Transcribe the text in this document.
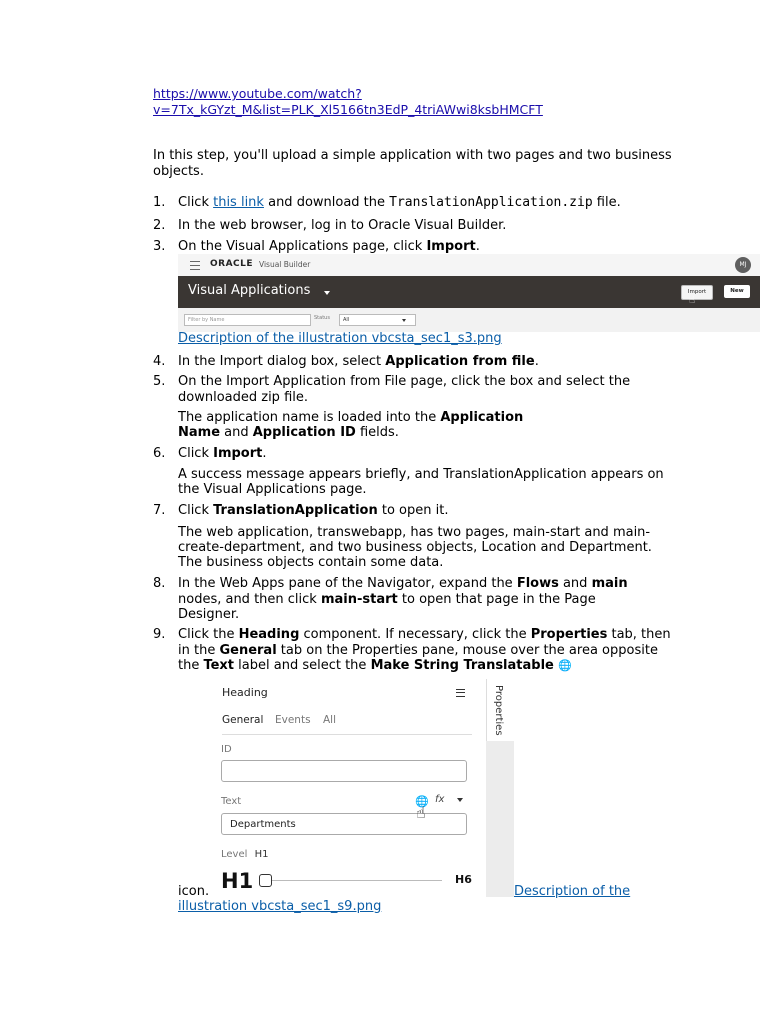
https://www.youtube.com/watch?
v=7Tx_kGYzt_M&list=PLK_Xl5166tn3EdP_4triAWwi8ksbHMCFT
In this step, you'll upload a simple application with two pages and two business objects.
1. Click this link and download the TranslationApplication.zip file.
2. In the web browser, log in to Oracle Visual Builder.
3. On the Visual Applications page, click Import.
ORACLE Visual Builder	MJ
Visual Applications	Import	New
☝
Filter by Name	Status	All
Description of the illustration vbcsta_sec1_s3.png
4. In the Import dialog box, select Application from file.
5. On the Import Application from File page, click the box and select the downloaded zip file.
The application name is loaded into the Application Name and Application ID fields.
6. Click Import.
A success message appears briefly, and TranslationApplication appears on the Visual Applications page.
7. Click TranslationApplication to open it.
The web application, transwebapp, has two pages, main-start and main-create-department, and two business objects, Location and Department. The business objects contain some data.
8. In the Web Apps pane of the Navigator, expand the Flows and main nodes, and then click main-start to open that page in the Page Designer.
9. Click the Heading component. If necessary, click the Properties tab, then in the General tab on the Properties pane, mouse over the area opposite the Text label and select the Make String Translatable 🌐
Heading
General Events All
ID
Text	🌐 fx
Departments
☝
Level H1
H1	H6
Properties
icon.	Description of the
illustration vbcsta_sec1_s9.png
